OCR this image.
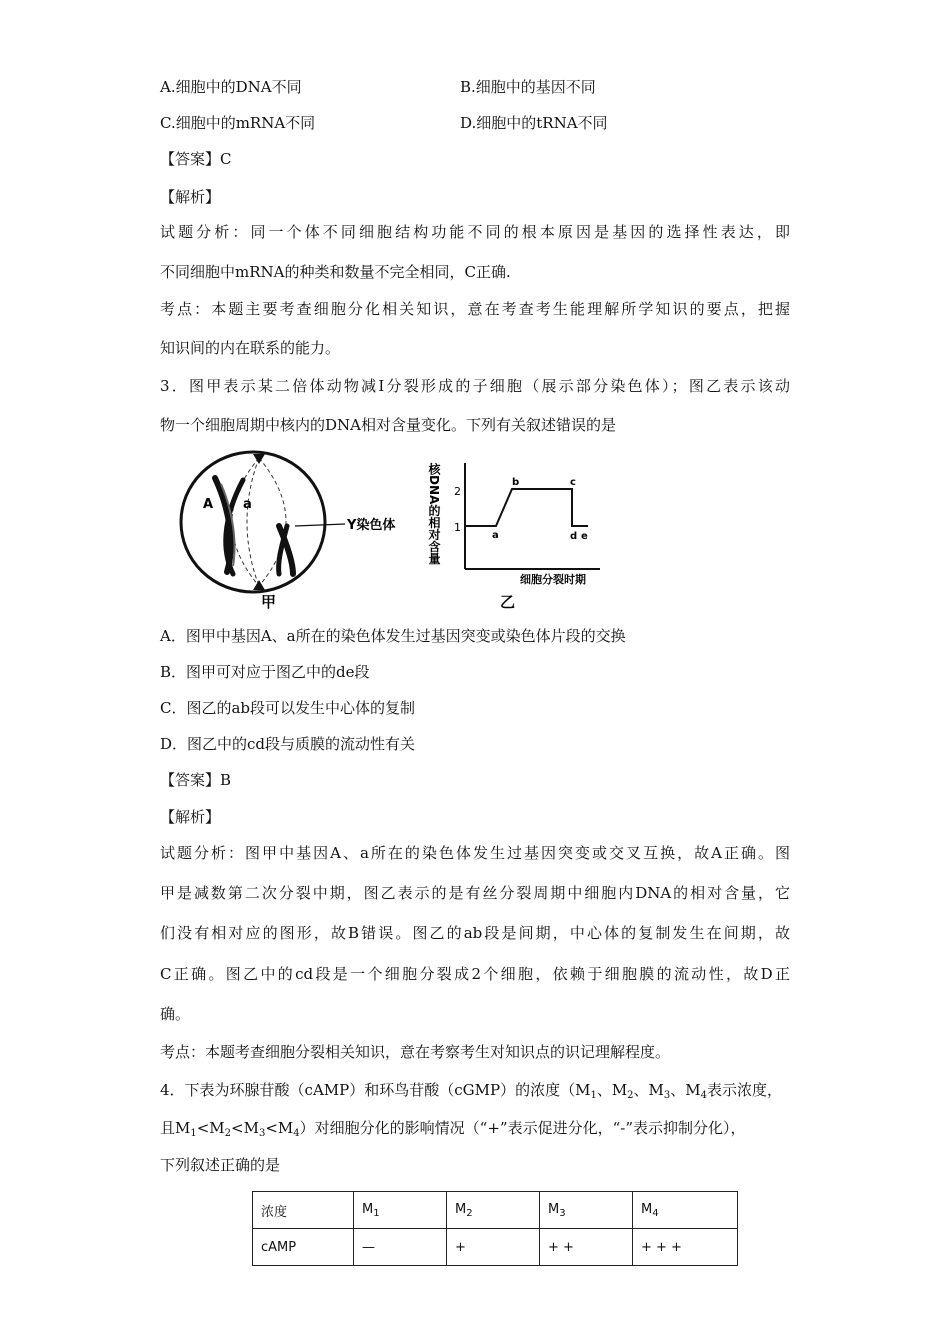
A.细胞中的DNA不同	B.细胞中的基因不同
C.细胞中的mRNA不同	D.细胞中的tRNA不同
【答案】C
【解析】
试题分析：同一个体不同细胞结构功能不同的根本原因是基因的选择性表达，即
不同细胞中mRNA的种类和数量不完全相同，C正确.
考点：本题主要考查细胞分化相关知识，意在考查考生能理解所学知识的要点，把握
知识间的内在联系的能力。
3．图甲表示某二倍体动物减Ⅰ分裂形成的子细胞（展示部分染色体）；图乙表示该动
物一个细胞周期中核内的DNA相对含量变化。下列有关叙述错误的是
A a
Y染色体
甲
核DNA的相对含量 2
1
a
b	c
d e
细胞分裂时期
乙
A．图甲中基因A、a所在的染色体发生过基因突变或染色体片段的交换
B．图甲可对应于图乙中的de段
C．图乙的ab段可以发生中心体的复制
D．图乙中的cd段与质膜的流动性有关
【答案】B
【解析】
试题分析：图甲中基因A、a所在的染色体发生过基因突变或交叉互换，故A正确。图
甲是减数第二次分裂中期，图乙表示的是有丝分裂周期中细胞内DNA的相对含量，它
们没有相对应的图形，故B错误。图乙的ab段是间期，中心体的复制发生在间期，故
C正确。图乙中的cd段是一个细胞分裂成2个细胞，依赖于细胞膜的流动性，故D正
确。
考点：本题考查细胞分裂相关知识，意在考察考生对知识点的识记理解程度。
4．下表为环腺苷酸（cAMP）和环鸟苷酸（cGMP）的浓度（$M_1$、$M_2$、$M_3$、$M_4$表示浓度，
且$M_1<M_2<M_3<M_4$）对细胞分化的影响情况（“+”表示促进分化，“-”表示抑制分化），
下列叙述正确的是
浓度	$M_1$	$M_2$	$M_3$	$M_4$
cAMP	—	+	+ +	+ + +
